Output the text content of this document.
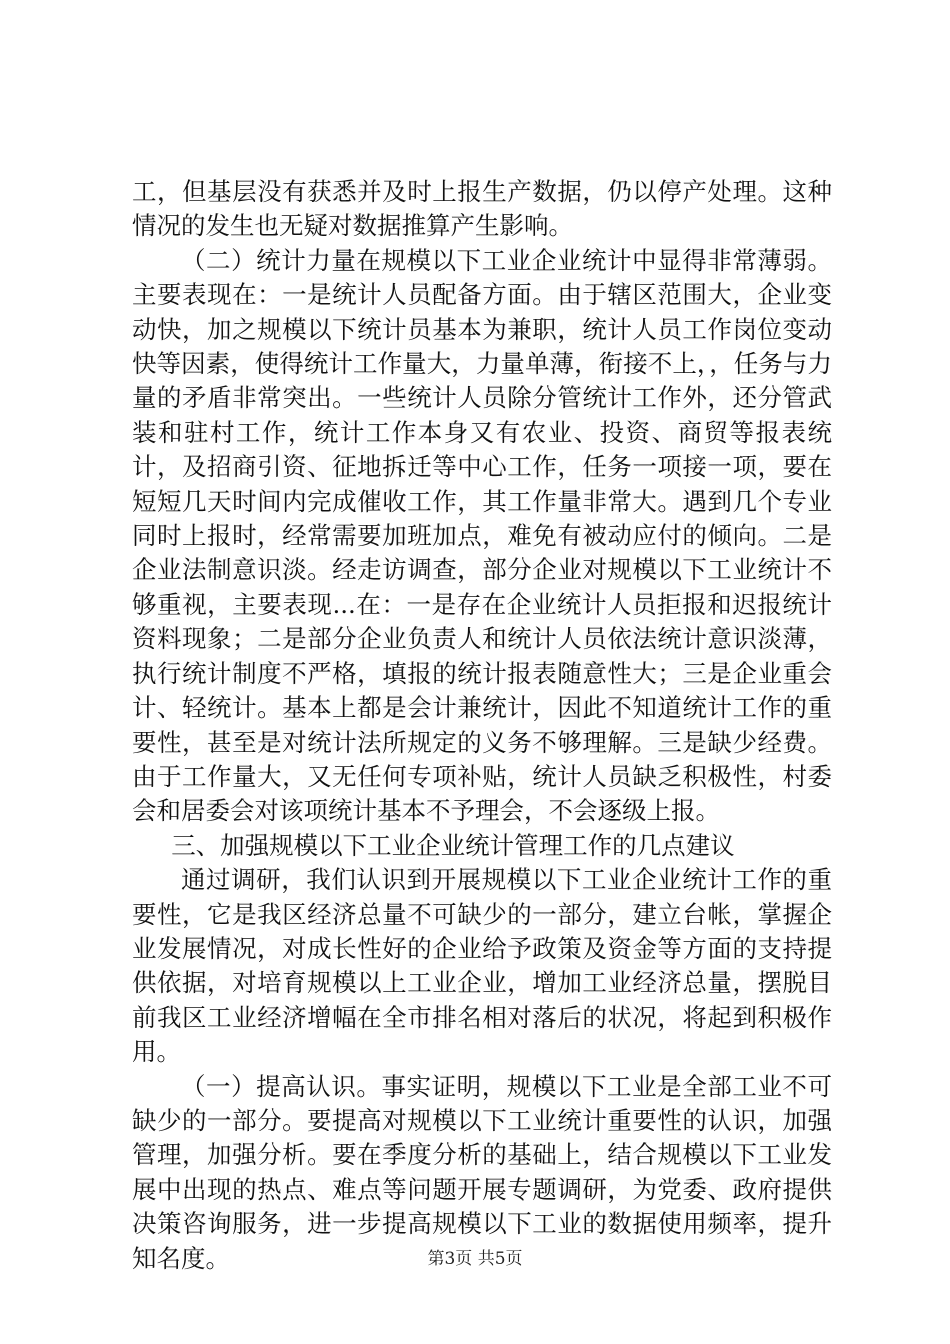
工，但基层没有获悉并及时上报生产数据，仍以停产处理。这种情况的发生也无疑对数据推算产生影响。

（二）统计力量在规模以下工业企业统计中显得非常薄弱。主要表现在：一是统计人员配备方面。由于辖区范围大，企业变动快，加之规模以下统计员基本为兼职，统计人员工作岗位变动快等因素，使得统计工作量大，力量单薄，衔接不上，，任务与力量的矛盾非常突出。一些统计人员除分管统计工作外，还分管武装和驻村工作，统计工作本身又有农业、投资、商贸等报表统计，及招商引资、征地拆迁等中心工作，任务一项接一项，要在短短几天时间内完成催收工作，其工作量非常大。遇到几个专业同时上报时，经常需要加班加点，难免有被动应付的倾向。二是企业法制意识淡。经走访调查，部分企业对规模以下工业统计不够重视，主要表现...在：一是存在企业统计人员拒报和迟报统计资料现象；二是部分企业负责人和统计人员依法统计意识淡薄，执行统计制度不严格，填报的统计报表随意性大；三是企业重会计、轻统计。基本上都是会计兼统计，因此不知道统计工作的重要性，甚至是对统计法所规定的义务不够理解。三是缺少经费。由于工作量大，又无任何专项补贴，统计人员缺乏积极性，村委会和居委会对该项统计基本不予理会，不会逐级上报。

三、加强规模以下工业企业统计管理工作的几点建议

通过调研，我们认识到开展规模以下工业企业统计工作的重要性，它是我区经济总量不可缺少的一部分，建立台帐，掌握企业发展情况，对成长性好的企业给予政策及资金等方面的支持提供依据，对培育规模以上工业企业，增加工业经济总量，摆脱目前我区工业经济增幅在全市排名相对落后的状况，将起到积极作用。

（一）提高认识。事实证明，规模以下工业是全部工业不可缺少的一部分。要提高对规模以下工业统计重要性的认识，加强管理，加强分析。要在季度分析的基础上，结合规模以下工业发展中出现的热点、难点等问题开展专题调研，为党委、政府提供决策咨询服务，进一步提高规模以下工业的数据使用频率，提升知名度。	第3页 共5页
